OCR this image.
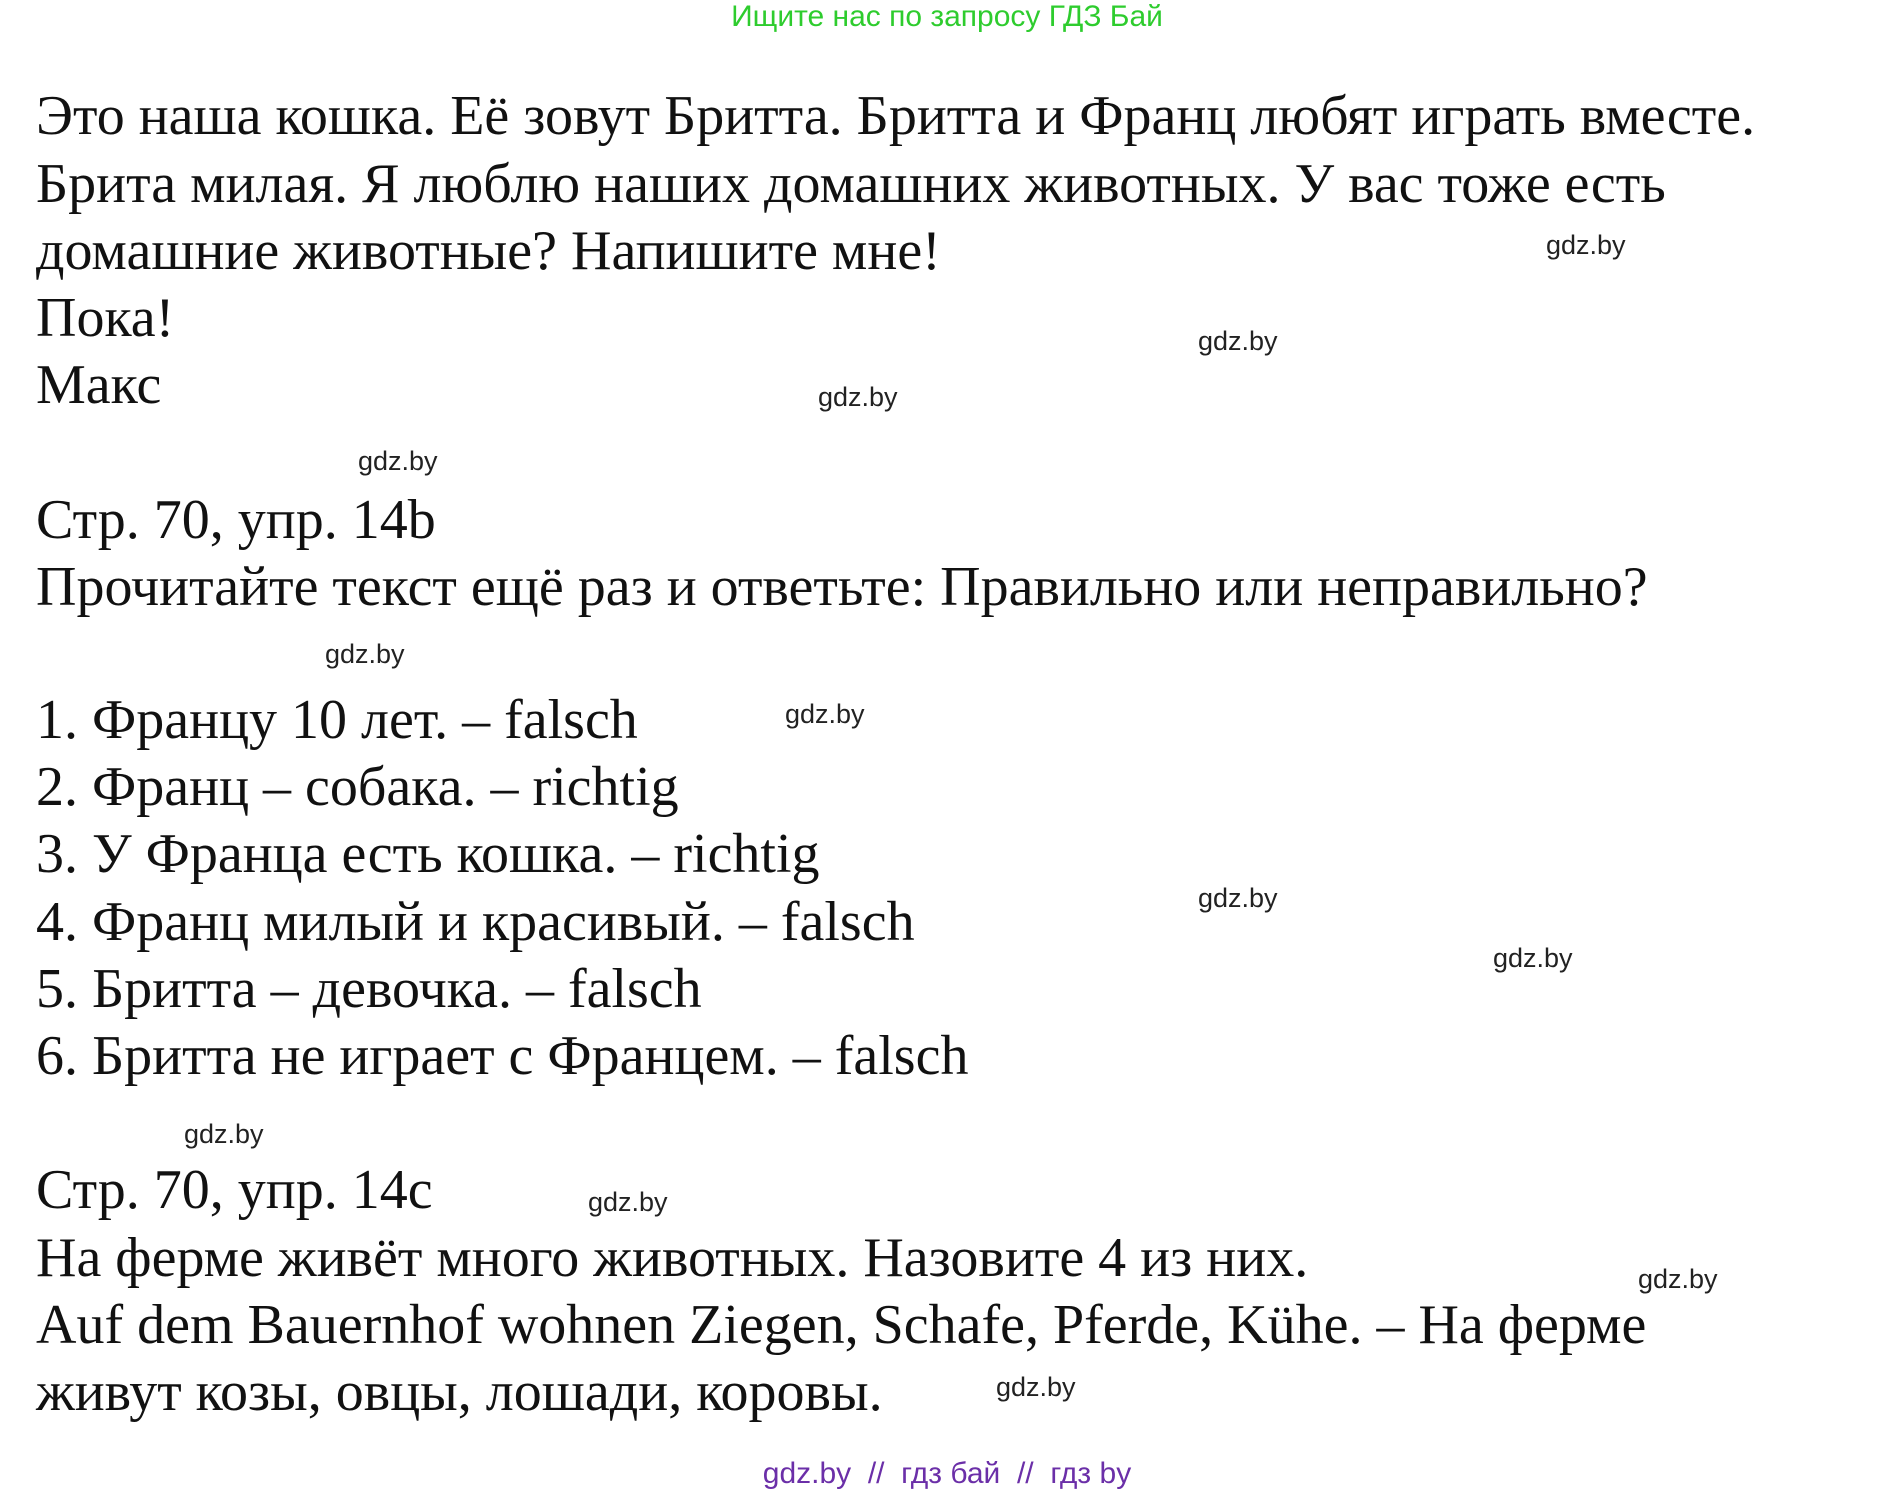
Ищите нас по запросу ГДЗ Бай
Это наша кошка. Её зовут Бритта. Бритта и Франц любят играть вместе.
Брита милая. Я люблю наших домашних животных. У вас тоже есть
домашние животные? Напишите мне!
Пока!
Макс
Стр. 70, упр. 14b
Прочитайте текст ещё раз и ответьте: Правильно или неправильно?
1. Францу 10 лет. – falsch
2. Франц – собака. – richtig
3. У Франца есть кошка. – richtig
4. Франц милый и красивый. – falsch
5. Бритта – девочка. – falsch
6. Бритта не играет с Францем. – falsch
Стр. 70, упр. 14c
На ферме живёт много животных. Назовите 4 из них.
Auf dem Bauernhof wohnen Ziegen, Schafe, Pferde, Kühe. – На ферме
живут козы, овцы, лошади, коровы.
gdz.by
gdz.by
gdz.by
gdz.by
gdz.by
gdz.by
gdz.by
gdz.by
gdz.by
gdz.by
gdz.by
gdz.by
gdz.by  //  гдз бай  //  гдз by
